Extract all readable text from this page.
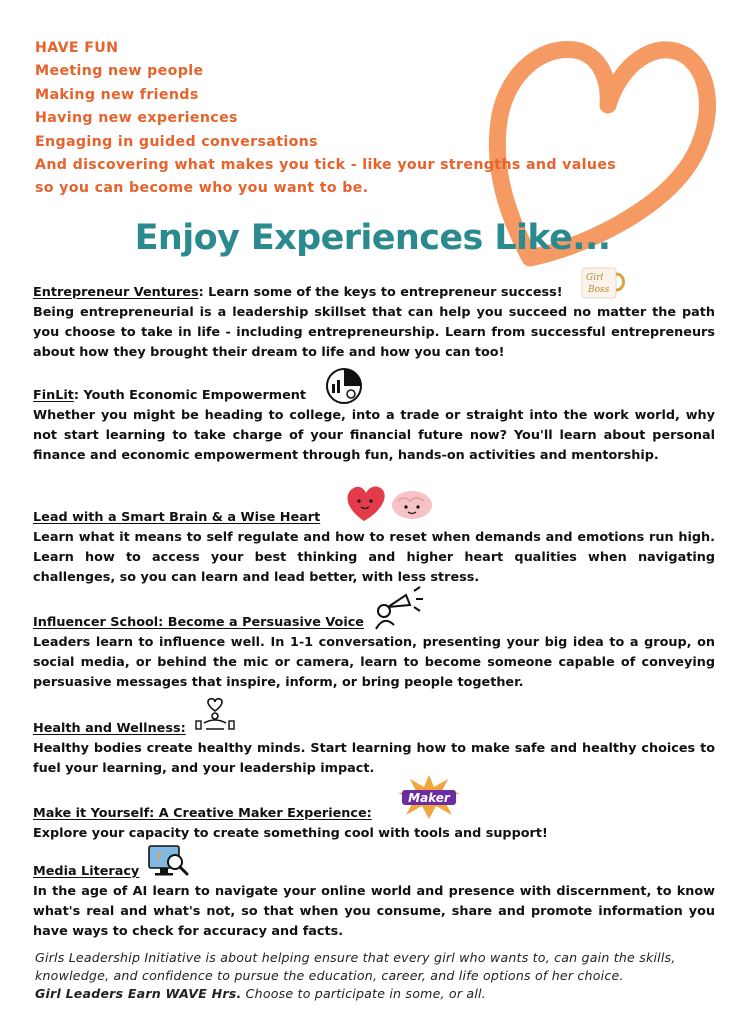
HAVE FUN
Meeting new people
Making new friends
Having new experiences
Engaging in guided conversations
And discovering what makes you tick - like your strengths and values
so you can become who you want to be.
Enjoy Experiences Like...
Entrepreneur Ventures: Learn some of the keys to entrepreneur success!
Being entrepreneurial is a leadership skillset that can help you succeed no matter the path you choose to take in life - including entrepreneurship. Learn from successful entrepreneurs about how they brought their dream to life and how you can too!
Girl
Boss
FinLit: Youth Economic Empowerment
Whether you might be heading to college, into a trade or straight into the work world, why not start learning to take charge of your financial future now? You'll learn about personal finance and economic empowerment through fun, hands-on activities and mentorship.
Lead with a Smart Brain & a Wise Heart
Learn what it means to self regulate and how to reset when demands and emotions run high. Learn how to access your best thinking and higher heart qualities when navigating challenges, so you can learn and lead better, with less stress.
Influencer School: Become a Persuasive Voice
Leaders learn to influence well. In 1-1 conversation, presenting your big idea to a group, on social media, or behind the mic or camera, learn to become someone capable of conveying persuasive messages that inspire, inform, or bring people together.
Health and Wellness:
Healthy bodies create healthy minds. Start learning how to make safe and healthy choices to fuel your learning, and your leadership impact.
Make it Yourself: A Creative Maker Experience:
Explore your capacity to create something cool with tools and support!
Maker
Media Literacy
In the age of AI learn to navigate your online world and presence with discernment, to know what's real and what's not, so that when you consume, share and promote information you have ways to check for accuracy and facts.
?
Girls Leadership Initiative is about helping ensure that every girl who wants to, can gain the skills, knowledge, and confidence to pursue the education, career, and life options of her choice.
Girl Leaders Earn WAVE Hrs. Choose to participate in some, or all.
